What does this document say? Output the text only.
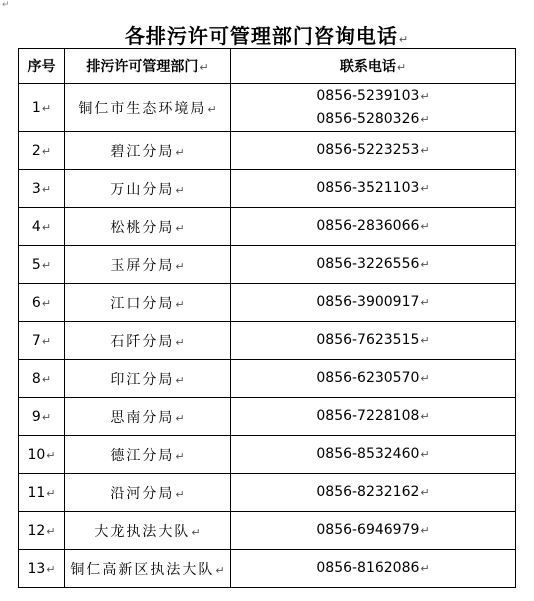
↵
各排污许可管理部门咨询电话↵
序号	排污许可管理部门↵	联系电话↵
1↵	铜仁市生态环境局↵	0856-5239103↵
0856-5280326↵

2↵	碧江分局↵	0856-5223253↵

3↵	万山分局↵	0856-3521103↵

4↵	松桃分局↵	0856-2836066↵

5↵	玉屏分局↵	0856-3226556↵

6↵	江口分局↵	0856-3900917↵

7↵	石阡分局↵	0856-7623515↵

8↵	印江分局↵	0856-6230570↵

9↵	思南分局↵	0856-7228108↵

10↵	德江分局↵	0856-8532460↵

11↵	沿河分局↵	0856-8232162↵

12↵	大龙执法大队↵	0856-6946979↵

13↵	铜仁高新区执法大队↵	0856-8162086↵
